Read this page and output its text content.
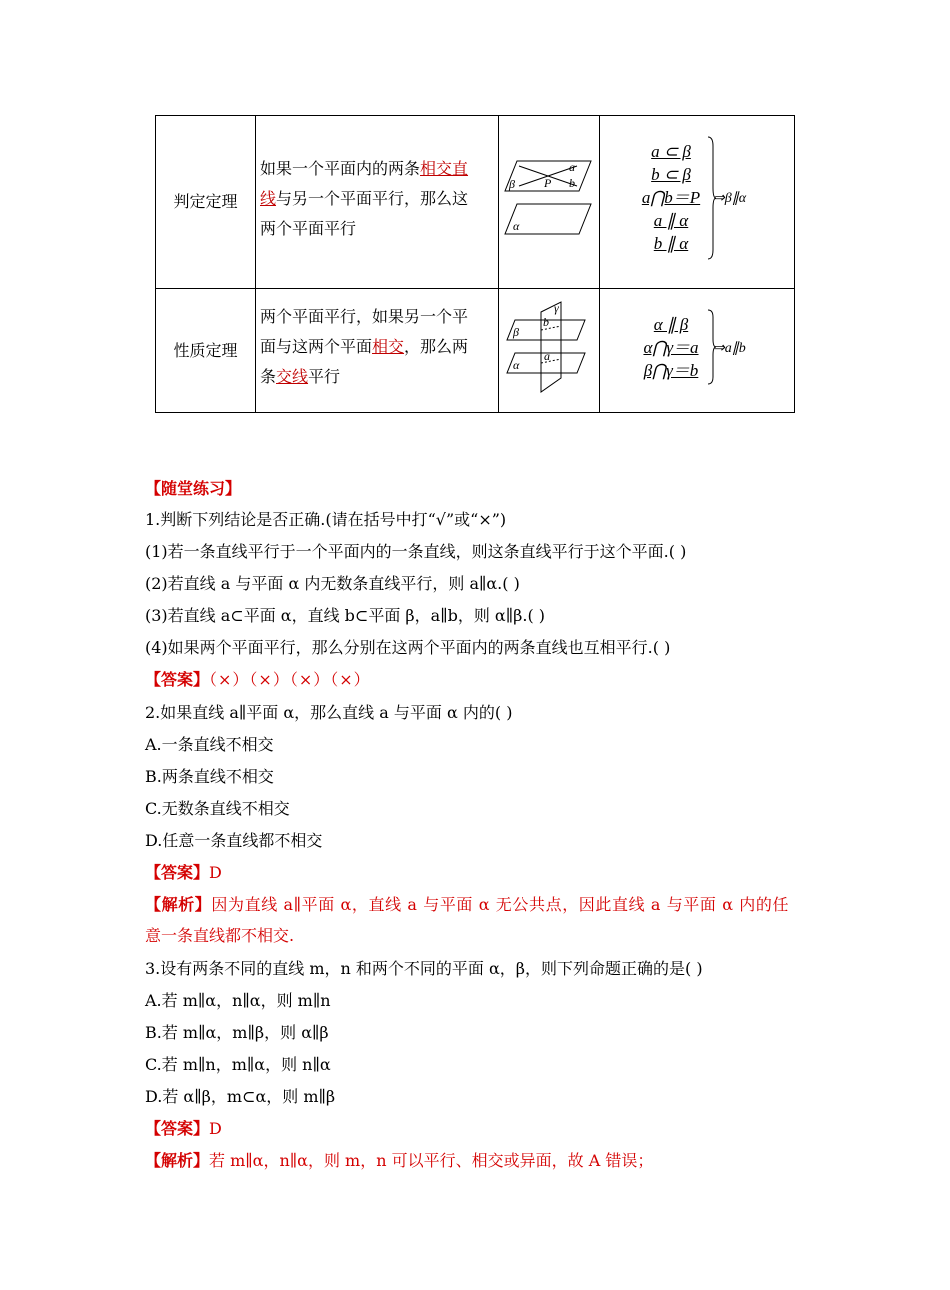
判定定理
如果一个平面内的两条相交直
线与另一个平面平行，那么这
两个平面平行
a
β P b
α
a ⊂ β
b ⊂ β
a⋂b＝P
a ∥ α
b ∥ α
⇒β∥α
性质定理
两个平面平行，如果另一个平
面与这两个平面相交，那么两
条交线平行
γ
β
b
a
α
α ∥ β
α⋂γ＝a
β⋂γ＝b
⇒a∥b
【随堂练习】
1.判断下列结论是否正确.(请在括号中打“√”或“×”)
(1)若一条直线平行于一个平面内的一条直线，则这条直线平行于这个平面.( )
(2)若直线 a 与平面 α 内无数条直线平行，则 a∥α.( )
(3)若直线 a⊂平面 α，直线 b⊂平面 β，a∥b，则 α∥β.( )
(4)如果两个平面平行，那么分别在这两个平面内的两条直线也互相平行.( )
【答案】（×）（×）（×）（×）
2.如果直线 a∥平面 α，那么直线 a 与平面 α 内的( )
A.一条直线不相交
B.两条直线不相交
C.无数条直线不相交
D.任意一条直线都不相交
【答案】D
【解析】因为直线 a∥平面 α，直线 a 与平面 α 无公共点，因此直线 a 与平面 α 内的任
意一条直线都不相交.
3.设有两条不同的直线 m，n 和两个不同的平面 α，β，则下列命题正确的是( )
A.若 m∥α，n∥α，则 m∥n
B.若 m∥α，m∥β，则 α∥β
C.若 m∥n，m∥α，则 n∥α
D.若 α∥β，m⊂α，则 m∥β
【答案】D
【解析】若 m∥α，n∥α，则 m，n 可以平行、相交或异面，故 A 错误；
